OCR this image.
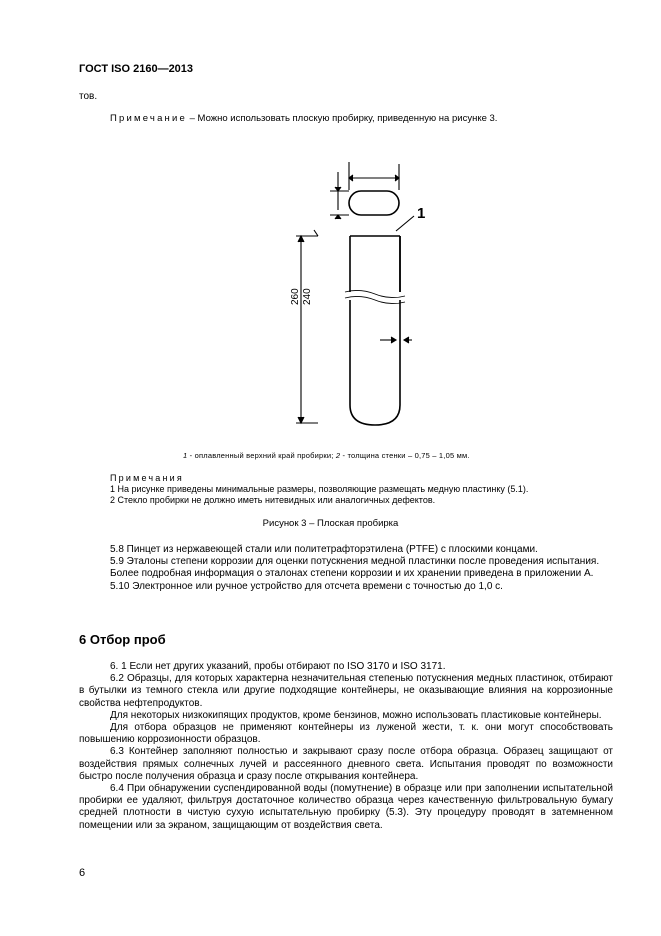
ГОСТ ISO 2160—2013
тов.
Примечание – Можно использовать плоскую пробирку, приведенную на рисунке 3.
1
260 240
1 - оплавленный верхний край пробирки; 2 - толщина стенки – 0,75 – 1,05 мм.
Примечания
1 На рисунке приведены минимальные размеры, позволяющие размещать медную пластинку (5.1).
2 Стекло пробирки не должно иметь нитевидных или аналогичных дефектов.
Рисунок 3 – Плоская пробирка

5.8 Пинцет из нержавеющей стали или политетрафторэтилена (PTFE) с плоскими концами.

5.9 Эталоны степени коррозии для оценки потускнения медной пластинки после проведения испытания.

Более подробная информация о эталонах степени коррозии и их хранении приведена в приложении А.

5.10 Электронное или ручное устройство для отсчета времени с точностью до 1,0 с.

6 Отбор проб

6. 1 Если нет других указаний, пробы отбирают по ISO 3170 и ISO 3171.

6.2 Образцы, для которых характерна незначительная степенью потускнения медных пластинок, отбирают в бутылки из темного стекла или другие подходящие контейнеры, не оказывающие влияния на коррозионные свойства нефтепродуктов.

Для некоторых низкокипящих продуктов, кроме бензинов, можно использовать пластиковые контейнеры.

Для отбора образцов не применяют контейнеры из луженой жести, т. к. они могут способствовать повышению коррозионности образцов.

6.3 Контейнер заполняют полностью и закрывают сразу после отбора образца. Образец защищают от воздействия прямых солнечных лучей и рассеянного дневного света. Испытания проводят по возможности быстро после получения образца и сразу после открывания контейнера.

6.4 При обнаружении суспендированной воды (помутнение) в образце или при заполнении испытательной пробирки ее удаляют, фильтруя достаточное количество образца через качественную фильтровальную бумагу средней плотности в чистую сухую испытательную пробирку (5.3). Эту процедуру проводят в затемненном помещении или за экраном, защищающим от воздействия света.

6
